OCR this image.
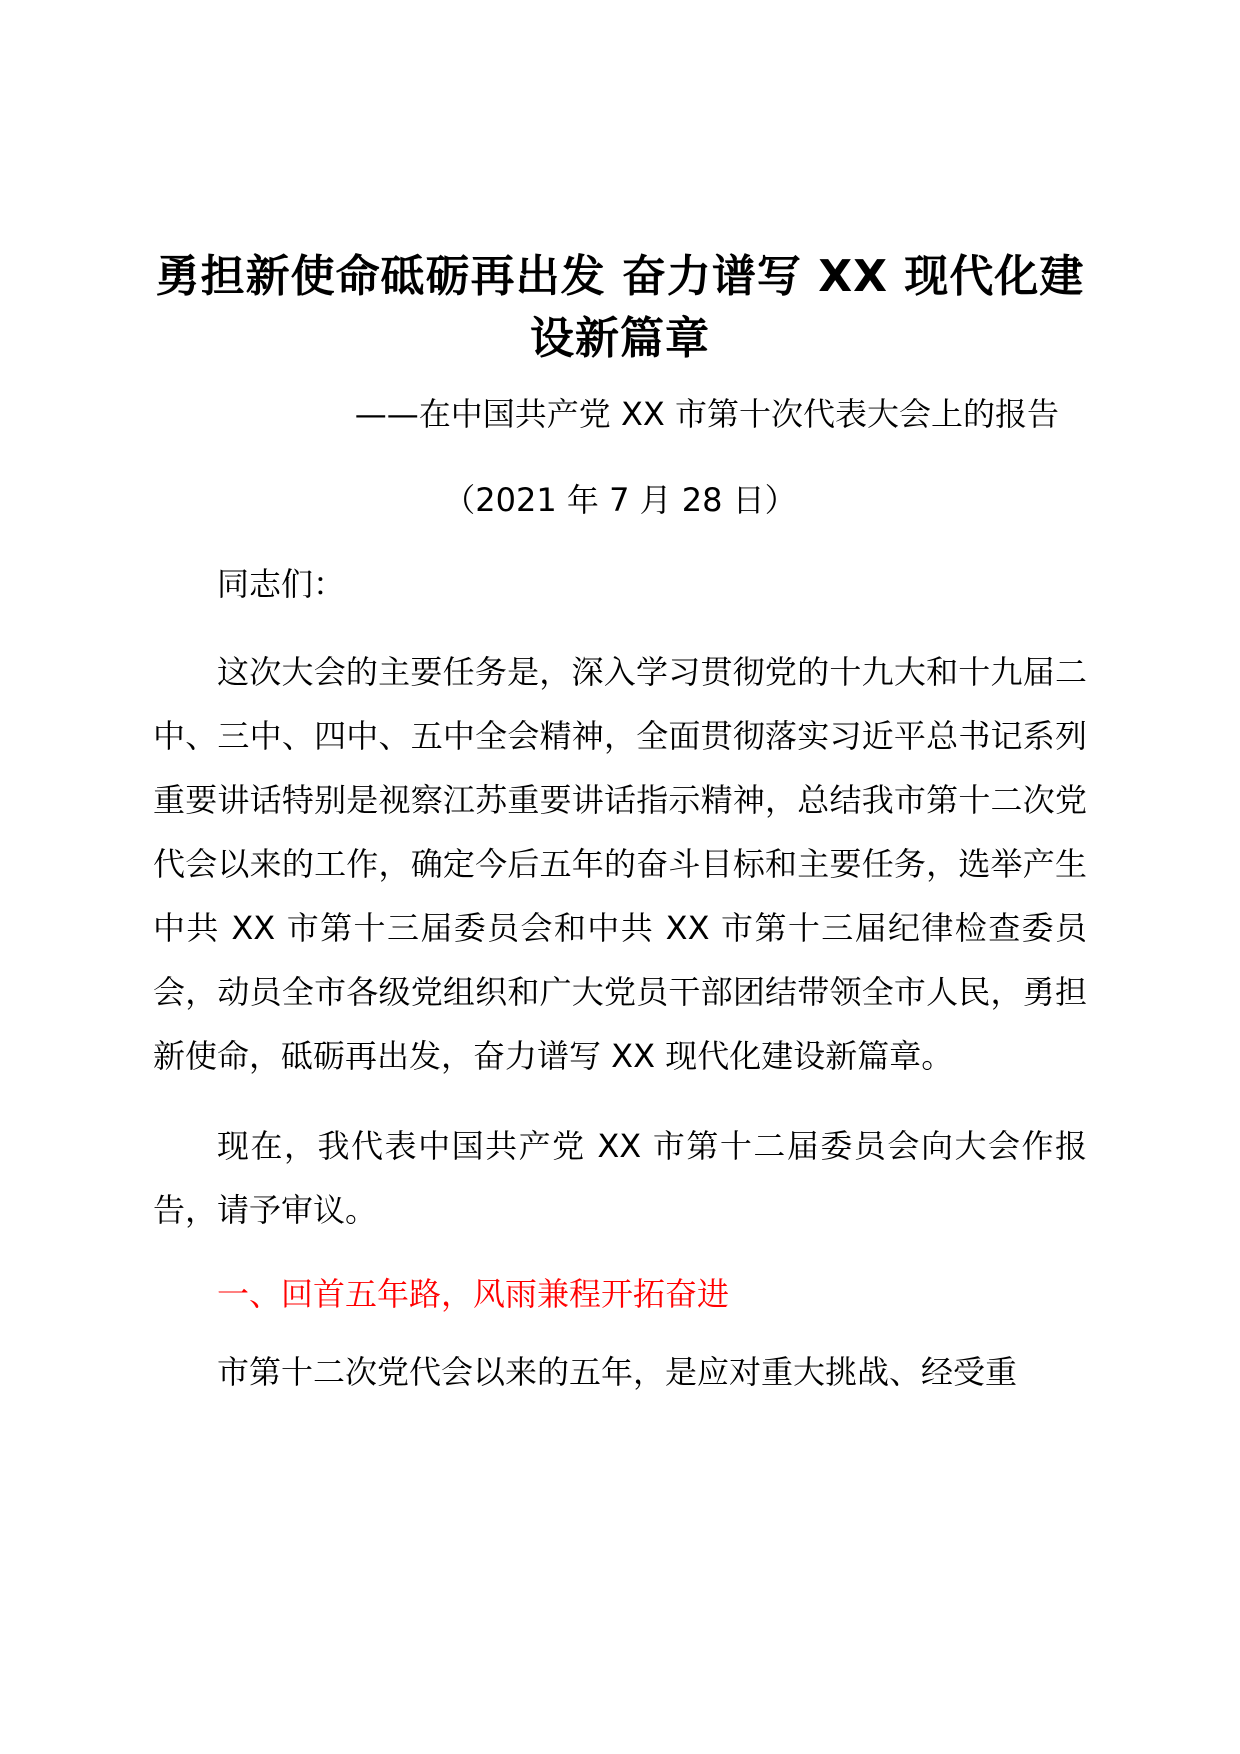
勇担新使命砥砺再出发 奋力谱写 XX 现代化建设新篇章

——在中国共产党 XX 市第十次代表大会上的报告

（2021 年 7 月 28 日）

同志们：

这次大会的主要任务是，深入学习贯彻党的十九大和十九届二中、三中、四中、五中全会精神，全面贯彻落实习近平总书记系列重要讲话特别是视察江苏重要讲话指示精神，总结我市第十二次党代会以来的工作，确定今后五年的奋斗目标和主要任务，选举产生中共 XX 市第十三届委员会和中共 XX 市第十三届纪律检查委员会，动员全市各级党组织和广大党员干部团结带领全市人民，勇担新使命，砥砺再出发，奋力谱写 XX 现代化建设新篇章。

现在，我代表中国共产党 XX 市第十二届委员会向大会作报告，请予审议。

一、回首五年路，风雨兼程开拓奋进

市第十二次党代会以来的五年，是应对重大挑战、经受重
